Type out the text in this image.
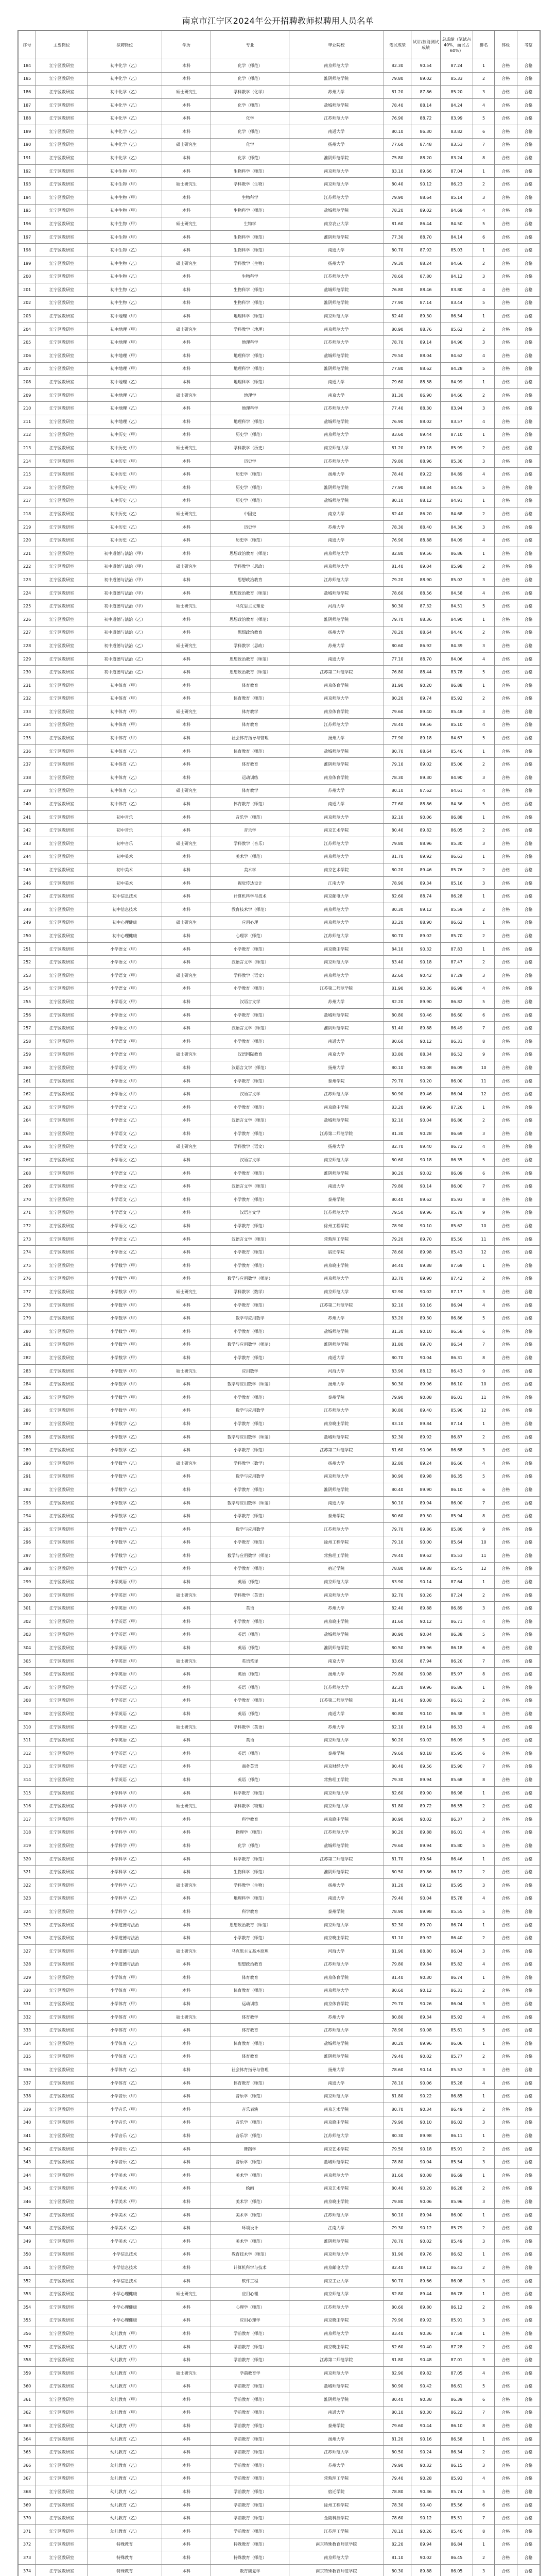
南京市江宁区2024年公开招聘教师拟聘用人员名单
序号	主要岗位	拟聘岗位	学历	专业	毕业院校	笔试成绩	试讲/技能测试成绩	总成绩（笔试占40%，面试占60%）	排名	体检	考察
184	江宁区教研室	初中化学（乙）	本科	化学（师范）	南京师范大学	82.30	90.54	87.24	1	合格	合格
185	江宁区教研室	初中化学（乙）	本科	化学（师范）	淮阴师范学院	79.80	89.02	85.33	2	合格	合格
186	江宁区教研室	初中化学（乙）	硕士研究生	学科教学（化学）	苏州大学	81.20	87.86	85.20	3	合格	合格
187	江宁区教研室	初中化学（乙）	本科	化学（师范）	盐城师范学院	78.40	88.14	84.24	4	合格	合格
188	江宁区教研室	初中化学（乙）	本科	化学	江苏师范大学	76.90	88.72	83.99	5	合格	合格
189	江宁区教研室	初中化学（乙）	本科	化学（师范）	南通大学	80.10	86.30	83.82	6	合格	合格
190	江宁区教研室	初中化学（乙）	硕士研究生	化学	扬州大学	77.60	87.48	83.53	7	合格	合格
191	江宁区教研室	初中化学（乙）	本科	化学（师范）	淮阴师范学院	75.80	88.20	83.24	8	合格	合格
192	江宁区教研室	初中生物（甲）	本科	生物科学（师范）	南京师范大学	83.10	89.66	87.04	1	合格	合格
193	江宁区教研室	初中生物（甲）	硕士研究生	学科教学（生物）	南京师范大学	80.40	90.12	86.23	2	合格	合格
194	江宁区教研室	初中生物（甲）	本科	生物科学	江苏师范大学	79.90	88.64	85.14	3	合格	合格
195	江宁区教研室	初中生物（甲）	本科	生物科学（师范）	盐城师范学院	78.20	89.02	84.69	4	合格	合格
196	江宁区教研室	初中生物（甲）	硕士研究生	生物学	南京农业大学	81.60	86.44	84.50	5	合格	合格
197	江宁区教研室	初中生物（甲）	本科	生物科学（师范）	淮阴师范学院	77.30	88.70	84.14	6	合格	合格
198	江宁区教研室	初中生物（乙）	本科	生物科学（师范）	南通大学	80.70	87.92	85.03	1	合格	合格
199	江宁区教研室	初中生物（乙）	硕士研究生	学科教学（生物）	扬州大学	79.30	88.24	84.66	2	合格	合格
200	江宁区教研室	初中生物（乙）	本科	生物科学	江苏师范大学	78.60	87.80	84.12	3	合格	合格
201	江宁区教研室	初中生物（乙）	本科	生物科学（师范）	盐城师范学院	76.80	88.46	83.80	4	合格	合格
202	江宁区教研室	初中生物（乙）	本科	生物科学（师范）	淮阴师范学院	77.90	87.14	83.44	5	合格	合格
203	江宁区教研室	初中地理（甲）	本科	地理科学（师范）	南京师范大学	82.40	89.30	86.54	1	合格	合格
204	江宁区教研室	初中地理（甲）	硕士研究生	学科教学（地理）	南京师范大学	80.90	88.76	85.62	2	合格	合格
205	江宁区教研室	初中地理（甲）	本科	地理科学	江苏师范大学	78.70	89.14	84.96	3	合格	合格
206	江宁区教研室	初中地理（甲）	本科	地理科学（师范）	盐城师范学院	79.50	88.04	84.62	4	合格	合格
207	江宁区教研室	初中地理（甲）	本科	地理科学（师范）	淮阴师范学院	77.80	88.62	84.28	5	合格	合格
208	江宁区教研室	初中地理（乙）	本科	地理科学（师范）	南通大学	79.60	88.58	84.99	1	合格	合格
209	江宁区教研室	初中地理（乙）	硕士研究生	地理学	南京大学	81.30	86.90	84.66	2	合格	合格
210	江宁区教研室	初中地理（乙）	本科	地理科学	江苏师范大学	77.40	88.30	83.94	3	合格	合格
211	江宁区教研室	初中地理（乙）	本科	地理科学（师范）	盐城师范学院	76.90	88.02	83.57	4	合格	合格
212	江宁区教研室	初中历史（甲）	本科	历史学（师范）	南京师范大学	83.60	89.44	87.10	1	合格	合格
213	江宁区教研室	初中历史（甲）	硕士研究生	学科教学（历史）	南京师范大学	81.20	89.18	85.99	2	合格	合格
214	江宁区教研室	初中历史（甲）	本科	历史学	江苏师范大学	79.80	88.96	85.30	3	合格	合格
215	江宁区教研室	初中历史（甲）	本科	历史学（师范）	扬州大学	78.40	89.22	84.89	4	合格	合格
216	江宁区教研室	初中历史（甲）	本科	历史学（师范）	淮阴师范学院	77.90	88.84	84.46	5	合格	合格
217	江宁区教研室	初中历史（乙）	本科	历史学（师范）	盐城师范学院	80.10	88.12	84.91	1	合格	合格
218	江宁区教研室	初中历史（乙）	硕士研究生	中国史	南京大学	82.40	86.20	84.68	2	合格	合格
219	江宁区教研室	初中历史（乙）	本科	历史学	苏州大学	78.30	88.40	84.36	3	合格	合格
220	江宁区教研室	初中历史（乙）	本科	历史学（师范）	南通大学	76.90	88.88	84.09	4	合格	合格
221	江宁区教研室	初中道德与法治（甲）	本科	思想政治教育（师范）	南京师范大学	82.80	89.56	86.86	1	合格	合格
222	江宁区教研室	初中道德与法治（甲）	硕士研究生	学科教学（思政）	南京师范大学	81.40	89.04	85.98	2	合格	合格
223	江宁区教研室	初中道德与法治（甲）	本科	思想政治教育	江苏师范大学	79.20	88.90	85.02	3	合格	合格
224	江宁区教研室	初中道德与法治（甲）	本科	思想政治教育（师范）	盐城师范学院	78.60	88.56	84.58	4	合格	合格
225	江宁区教研室	初中道德与法治（甲）	硕士研究生	马克思主义理论	河海大学	80.30	87.32	84.51	5	合格	合格
226	江宁区教研室	初中道德与法治（乙）	本科	思想政治教育（师范）	淮阴师范学院	79.70	88.36	84.90	1	合格	合格
227	江宁区教研室	初中道德与法治（乙）	本科	思想政治教育	扬州大学	78.20	88.64	84.46	2	合格	合格
228	江宁区教研室	初中道德与法治（乙）	硕士研究生	学科教学（思政）	苏州大学	80.60	86.92	84.39	3	合格	合格
229	江宁区教研室	初中道德与法治（乙）	本科	思想政治教育（师范）	南通大学	77.10	88.70	84.06	4	合格	合格
230	江宁区教研室	初中道德与法治（乙）	本科	思想政治教育（师范）	江苏第二师范学院	76.80	88.44	83.78	5	合格	合格
231	江宁区教研室	初中体育（甲）	本科	体育教育	南京体育学院	81.90	90.20	86.88	1	合格	合格
232	江宁区教研室	初中体育（甲）	本科	体育教育（师范）	南京师范大学	80.20	89.74	85.92	2	合格	合格
233	江宁区教研室	初中体育（甲）	硕士研究生	体育教学	南京体育学院	79.60	89.40	85.48	3	合格	合格
234	江宁区教研室	初中体育（甲）	本科	体育教育	江苏师范大学	78.40	89.56	85.10	4	合格	合格
235	江宁区教研室	初中体育（甲）	本科	社会体育指导与管理	扬州大学	77.90	89.18	84.67	5	合格	合格
236	江宁区教研室	初中体育（乙）	本科	体育教育（师范）	盐城师范学院	80.70	88.64	85.46	1	合格	合格
237	江宁区教研室	初中体育（乙）	本科	体育教育	淮阴师范学院	79.10	89.02	85.06	2	合格	合格
238	江宁区教研室	初中体育（乙）	本科	运动训练	南京体育学院	78.30	89.30	84.90	3	合格	合格
239	江宁区教研室	初中体育（乙）	硕士研究生	体育教学	苏州大学	80.10	87.62	84.61	4	合格	合格
240	江宁区教研室	初中体育（乙）	本科	体育教育（师范）	南通大学	77.60	88.86	84.36	5	合格	合格
241	江宁区教研室	初中音乐	本科	音乐学（师范）	南京师范大学	82.10	90.06	86.88	1	合格	合格
242	江宁区教研室	初中音乐	本科	音乐学	南京艺术学院	80.40	89.82	86.05	2	合格	合格
243	江宁区教研室	初中音乐	硕士研究生	学科教学（音乐）	江苏师范大学	79.80	88.96	85.30	3	合格	合格
244	江宁区教研室	初中美术	本科	美术学（师范）	南京师范大学	81.70	89.92	86.63	1	合格	合格
245	江宁区教研室	初中美术	本科	美术学	南京艺术学院	80.20	89.46	85.76	2	合格	合格
246	江宁区教研室	初中美术	本科	视觉传达设计	江南大学	78.90	89.34	85.16	3	合格	合格
247	江宁区教研室	初中信息技术	本科	计算机科学与技术	南京邮电大学	82.60	88.74	86.28	1	合格	合格
248	江宁区教研室	初中信息技术	本科	教育技术学（师范）	南京师范大学	80.30	89.12	85.59	2	合格	合格
249	江宁区教研室	初中心理健康	硕士研究生	应用心理	南京师范大学	83.20	88.90	86.62	1	合格	合格
250	江宁区教研室	初中心理健康	本科	心理学（师范）	江苏师范大学	80.70	89.02	85.70	2	合格	合格
251	江宁区教研室	小学语文（甲）	本科	小学教育（师范）	南京晓庄学院	84.10	90.32	87.83	1	合格	合格
252	江宁区教研室	小学语文（甲）	本科	汉语言文学（师范）	南京师范大学	83.40	90.18	87.47	2	合格	合格
253	江宁区教研室	小学语文（甲）	硕士研究生	学科教学（语文）	南京师范大学	82.60	90.42	87.29	3	合格	合格
254	江宁区教研室	小学语文（甲）	本科	小学教育（师范）	江苏第二师范学院	81.90	90.36	86.98	4	合格	合格
255	江宁区教研室	小学语文（甲）	本科	汉语言文学	苏州大学	82.20	89.90	86.82	5	合格	合格
256	江宁区教研室	小学语文（甲）	本科	小学教育（师范）	盐城师范学院	80.80	90.46	86.60	6	合格	合格
257	江宁区教研室	小学语文（甲）	本科	汉语言文学（师范）	淮阴师范学院	81.40	89.88	86.49	7	合格	合格
258	江宁区教研室	小学语文（甲）	本科	小学教育（师范）	南通大学	80.60	90.12	86.31	8	合格	合格
259	江宁区教研室	小学语文（甲）	硕士研究生	汉语国际教育	南京大学	83.80	88.34	86.52	9	合格	合格
260	江宁区教研室	小学语文（甲）	本科	汉语言文学（师范）	扬州大学	80.10	90.08	86.09	10	合格	合格
261	江宁区教研室	小学语文（甲）	本科	小学教育（师范）	泰州学院	79.70	90.20	86.00	11	合格	合格
262	江宁区教研室	小学语文（甲）	本科	汉语言文学	江苏师范大学	80.90	89.46	86.04	12	合格	合格
263	江宁区教研室	小学语文（乙）	本科	小学教育（师范）	南京晓庄学院	83.20	89.96	87.26	1	合格	合格
264	江宁区教研室	小学语文（乙）	本科	汉语言文学（师范）	盐城师范学院	82.10	90.04	86.86	2	合格	合格
265	江宁区教研室	小学语文（乙）	本科	小学教育（师范）	江苏第二师范学院	81.30	90.28	86.69	3	合格	合格
266	江宁区教研室	小学语文（乙）	硕士研究生	学科教学（语文）	扬州大学	82.70	89.40	86.72	4	合格	合格
267	江宁区教研室	小学语文（乙）	本科	汉语言文学	南京师范大学	80.60	90.18	86.35	5	合格	合格
268	江宁区教研室	小学语文（乙）	本科	小学教育（师范）	淮阴师范学院	80.20	90.02	86.09	6	合格	合格
269	江宁区教研室	小学语文（乙）	本科	汉语言文学（师范）	南通大学	79.80	90.14	86.00	7	合格	合格
270	江宁区教研室	小学语文（乙）	本科	小学教育（师范）	泰州学院	80.40	89.62	85.93	8	合格	合格
271	江宁区教研室	小学语文（乙）	本科	汉语言文学	江苏师范大学	79.50	89.96	85.78	9	合格	合格
272	江宁区教研室	小学语文（乙）	本科	小学教育（师范）	徐州工程学院	78.90	90.10	85.62	10	合格	合格
273	江宁区教研室	小学语文（乙）	本科	汉语言文学（师范）	常熟理工学院	79.20	89.70	85.50	11	合格	合格
274	江宁区教研室	小学语文（乙）	本科	小学教育（师范）	宿迁学院	78.60	89.98	85.43	12	合格	合格
275	江宁区教研室	小学数学（甲）	本科	小学教育（师范）	南京晓庄学院	84.40	89.88	87.69	1	合格	合格
276	江宁区教研室	小学数学（甲）	本科	数学与应用数学（师范）	南京师范大学	83.70	89.90	87.42	2	合格	合格
277	江宁区教研室	小学数学（甲）	硕士研究生	学科教学（数学）	南京师范大学	82.90	90.02	87.17	3	合格	合格
278	江宁区教研室	小学数学（甲）	本科	小学教育（师范）	江苏第二师范学院	82.10	90.16	86.94	4	合格	合格
279	江宁区教研室	小学数学（甲）	本科	数学与应用数学	苏州大学	83.20	89.30	86.86	5	合格	合格
280	江宁区教研室	小学数学（甲）	本科	小学教育（师范）	盐城师范学院	81.30	90.10	86.58	6	合格	合格
281	江宁区教研室	小学数学（甲）	本科	数学与应用数学（师范）	淮阴师范学院	81.80	89.70	86.54	7	合格	合格
282	江宁区教研室	小学数学（甲）	本科	小学教育（师范）	南通大学	80.70	90.04	86.31	8	合格	合格
283	江宁区教研室	小学数学（甲）	硕士研究生	应用数学	河海大学	83.90	88.12	86.43	9	合格	合格
284	江宁区教研室	小学数学（甲）	本科	数学与应用数学（师范）	扬州大学	80.30	89.96	86.10	10	合格	合格
285	江宁区教研室	小学数学（甲）	本科	小学教育（师范）	泰州学院	79.90	90.08	86.01	11	合格	合格
286	江宁区教研室	小学数学（甲）	本科	数学与应用数学	江苏师范大学	80.80	89.40	85.96	12	合格	合格
287	江宁区教研室	小学数学（乙）	本科	小学教育（师范）	南京晓庄学院	83.10	89.84	87.14	1	合格	合格
288	江宁区教研室	小学数学（乙）	本科	数学与应用数学（师范）	盐城师范学院	82.30	89.92	86.87	2	合格	合格
289	江宁区教研室	小学数学（乙）	本科	小学教育（师范）	江苏第二师范学院	81.60	90.06	86.68	3	合格	合格
290	江宁区教研室	小学数学（乙）	硕士研究生	学科教学（数学）	扬州大学	82.80	89.24	86.66	4	合格	合格
291	江宁区教研室	小学数学（乙）	本科	数学与应用数学	南京师范大学	80.90	89.98	86.35	5	合格	合格
292	江宁区教研室	小学数学（乙）	本科	小学教育（师范）	淮阴师范学院	80.40	89.90	86.10	6	合格	合格
293	江宁区教研室	小学数学（乙）	本科	数学与应用数学（师范）	南通大学	80.10	89.94	86.00	7	合格	合格
294	江宁区教研室	小学数学（乙）	本科	小学教育（师范）	泰州学院	80.60	89.50	85.94	8	合格	合格
295	江宁区教研室	小学数学（乙）	本科	数学与应用数学	江苏师范大学	79.70	89.86	85.80	9	合格	合格
296	江宁区教研室	小学数学（乙）	本科	小学教育（师范）	徐州工程学院	79.10	90.00	85.64	10	合格	合格
297	江宁区教研室	小学数学（乙）	本科	数学与应用数学（师范）	常熟理工学院	79.40	89.62	85.53	11	合格	合格
298	江宁区教研室	小学数学（乙）	本科	小学教育（师范）	宿迁学院	78.80	89.88	85.45	12	合格	合格
299	江宁区教研室	小学英语（甲）	本科	英语（师范）	南京师范大学	83.90	90.14	87.64	1	合格	合格
300	江宁区教研室	小学英语（甲）	硕士研究生	学科教学（英语）	南京师范大学	82.70	90.26	87.24	2	合格	合格
301	江宁区教研室	小学英语（甲）	本科	英语	苏州大学	82.40	89.88	86.89	3	合格	合格
302	江宁区教研室	小学英语（甲）	本科	小学教育（师范）	南京晓庄学院	81.60	90.12	86.71	4	合格	合格
303	江宁区教研室	小学英语（甲）	本科	英语（师范）	盐城师范学院	80.90	90.04	86.38	5	合格	合格
304	江宁区教研室	小学英语（甲）	本科	英语（师范）	淮阴师范学院	80.50	89.96	86.18	6	合格	合格
305	江宁区教研室	小学英语（甲）	硕士研究生	英语笔译	南京大学	83.60	87.94	86.20	7	合格	合格
306	江宁区教研室	小学英语（甲）	本科	英语（师范）	扬州大学	79.80	90.08	85.97	8	合格	合格
307	江宁区教研室	小学英语（乙）	本科	英语（师范）	江苏师范大学	82.20	89.96	86.86	1	合格	合格
308	江宁区教研室	小学英语（乙）	本科	小学教育（师范）	江苏第二师范学院	81.40	90.08	86.61	2	合格	合格
309	江宁区教研室	小学英语（乙）	本科	英语（师范）	南通大学	80.80	90.10	86.38	3	合格	合格
310	江宁区教研室	小学英语（乙）	硕士研究生	学科教学（英语）	苏州大学	82.10	89.14	86.33	4	合格	合格
311	江宁区教研室	小学英语（乙）	本科	英语	南京师范大学	80.20	90.02	86.09	5	合格	合格
312	江宁区教研室	小学英语（乙）	本科	英语（师范）	泰州学院	79.60	90.18	85.95	6	合格	合格
313	江宁区教研室	小学英语（乙）	本科	商务英语	南京财经大学	80.40	89.56	85.90	7	合格	合格
314	江宁区教研室	小学英语（乙）	本科	英语（师范）	常熟理工学院	79.30	89.94	85.68	8	合格	合格
315	江宁区教研室	小学科学（甲）	本科	科学教育（师范）	南京师范大学	82.60	89.90	86.98	1	合格	合格
316	江宁区教研室	小学科学（甲）	硕士研究生	学科教学（物理）	南京师范大学	81.80	89.72	86.55	2	合格	合格
317	江宁区教研室	小学科学（甲）	本科	科学教育	南京晓庄学院	80.90	90.02	86.37	3	合格	合格
318	江宁区教研室	小学科学（甲）	本科	物理学（师范）	江苏师范大学	80.20	89.88	86.01	4	合格	合格
319	江宁区教研室	小学科学（甲）	本科	化学（师范）	盐城师范学院	79.60	89.94	85.80	5	合格	合格
320	江宁区教研室	小学科学（乙）	本科	科学教育（师范）	江苏第二师范学院	81.70	89.64	86.46	1	合格	合格
321	江宁区教研室	小学科学（乙）	本科	生物科学（师范）	淮阴师范学院	80.50	89.86	86.12	2	合格	合格
322	江宁区教研室	小学科学（乙）	硕士研究生	学科教学（生物）	扬州大学	81.20	89.12	85.95	3	合格	合格
323	江宁区教研室	小学科学（乙）	本科	地理科学（师范）	南通大学	79.40	90.04	85.78	4	合格	合格
324	江宁区教研室	小学科学（乙）	本科	科学教育	泰州学院	78.90	89.98	85.55	5	合格	合格
325	江宁区教研室	小学道德与法治	本科	思想政治教育（师范）	南京师范大学	82.30	89.70	86.74	1	合格	合格
326	江宁区教研室	小学道德与法治	本科	小学教育（师范）	南京晓庄学院	81.10	89.92	86.40	2	合格	合格
327	江宁区教研室	小学道德与法治	硕士研究生	马克思主义基本原理	河海大学	81.90	88.80	86.04	3	合格	合格
328	江宁区教研室	小学道德与法治	本科	思想政治教育	江苏师范大学	79.80	89.84	85.82	4	合格	合格
329	江宁区教研室	小学体育（甲）	本科	体育教育	南京体育学院	81.40	90.30	86.74	1	合格	合格
330	江宁区教研室	小学体育（甲）	本科	体育教育（师范）	南京师范大学	80.60	90.12	86.31	2	合格	合格
331	江宁区教研室	小学体育（甲）	本科	运动训练	南京体育学院	79.70	90.26	86.04	3	合格	合格
332	江宁区教研室	小学体育（甲）	硕士研究生	体育教学	苏州大学	80.80	89.34	85.92	4	合格	合格
333	江宁区教研室	小学体育（甲）	本科	体育教育	江苏师范大学	78.90	90.08	85.61	5	合格	合格
334	江宁区教研室	小学体育（乙）	本科	体育教育（师范）	盐城师范学院	80.20	89.96	86.06	1	合格	合格
335	江宁区教研室	小学体育（乙）	本科	体育教育	淮阴师范学院	79.40	90.02	85.77	2	合格	合格
336	江宁区教研室	小学体育（乙）	本科	社会体育指导与管理	扬州大学	78.60	90.14	85.52	3	合格	合格
337	江宁区教研室	小学体育（乙）	本科	体育教育（师范）	南通大学	78.10	90.06	85.28	4	合格	合格
338	江宁区教研室	小学音乐（甲）	本科	音乐学（师范）	南京师范大学	81.80	90.22	86.85	1	合格	合格
339	江宁区教研室	小学音乐（甲）	本科	音乐表演	南京艺术学院	80.70	90.34	86.49	2	合格	合格
340	江宁区教研室	小学音乐（甲）	本科	音乐学（师范）	南京晓庄学院	79.90	90.10	86.02	3	合格	合格
341	江宁区教研室	小学音乐（乙）	本科	音乐学（师范）	江苏师范大学	80.30	89.98	86.11	1	合格	合格
342	江宁区教研室	小学音乐（乙）	本科	舞蹈学	南京艺术学院	79.50	90.18	85.91	2	合格	合格
343	江宁区教研室	小学音乐（乙）	本科	音乐学（师范）	盐城师范学院	78.80	90.04	85.54	3	合格	合格
344	江宁区教研室	小学美术（甲）	本科	美术学（师范）	南京师范大学	81.60	90.08	86.69	1	合格	合格
345	江宁区教研室	小学美术（甲）	本科	绘画	南京艺术学院	80.40	90.20	86.28	2	合格	合格
346	江宁区教研室	小学美术（甲）	本科	美术学（师范）	南京晓庄学院	79.80	90.06	85.96	3	合格	合格
347	江宁区教研室	小学美术（乙）	本科	美术学（师范）	江苏师范大学	80.10	89.94	86.00	1	合格	合格
348	江宁区教研室	小学美术（乙）	本科	环境设计	江南大学	79.30	90.12	85.79	2	合格	合格
349	江宁区教研室	小学美术（乙）	本科	美术学（师范）	淮阴师范学院	78.70	90.02	85.49	3	合格	合格
350	江宁区教研室	小学信息技术	本科	教育技术学（师范）	南京师范大学	81.90	89.76	86.62	1	合格	合格
351	江宁区教研室	小学信息技术	本科	计算机科学与技术	南京邮电大学	82.40	89.12	86.43	2	合格	合格
352	江宁区教研室	小学信息技术	本科	软件工程	南京工业大学	80.70	89.66	86.08	3	合格	合格
353	江宁区教研室	小学心理健康	硕士研究生	应用心理	南京师范大学	82.80	89.44	86.78	1	合格	合格
354	江宁区教研室	小学心理健康	本科	心理学（师范）	江苏师范大学	80.60	89.80	86.12	2	合格	合格
355	江宁区教研室	小学心理健康	本科	应用心理学	南京晓庄学院	79.90	89.92	85.91	3	合格	合格
356	江宁区教研室	幼儿教育（甲）	本科	学前教育（师范）	南京师范大学	83.40	90.36	87.58	1	合格	合格
357	江宁区教研室	幼儿教育（甲）	本科	学前教育（师范）	南京晓庄学院	82.60	90.40	87.28	2	合格	合格
358	江宁区教研室	幼儿教育（甲）	本科	学前教育（师范）	江苏第二师范学院	81.80	90.48	87.01	3	合格	合格
359	江宁区教研室	幼儿教育（甲）	硕士研究生	学前教育学	南京师范大学	82.90	89.82	87.05	4	合格	合格
360	江宁区教研室	幼儿教育（甲）	本科	学前教育（师范）	盐城师范学院	80.90	90.42	86.61	5	合格	合格
361	江宁区教研室	幼儿教育（甲）	本科	学前教育（师范）	淮阴师范学院	80.40	90.38	86.39	6	合格	合格
362	江宁区教研室	幼儿教育（甲）	本科	学前教育（师范）	南通大学	80.10	90.30	86.22	7	合格	合格
363	江宁区教研室	幼儿教育（甲）	本科	学前教育（师范）	泰州学院	79.60	90.44	86.10	8	合格	合格
364	江宁区教研室	幼儿教育（乙）	本科	学前教育（师范）	扬州大学	81.20	90.16	86.58	1	合格	合格
365	江宁区教研室	幼儿教育（乙）	本科	学前教育（师范）	江苏师范大学	80.50	90.24	86.34	2	合格	合格
366	江宁区教研室	幼儿教育（乙）	本科	学前教育（师范）	苏州大学	79.90	90.32	86.15	3	合格	合格
367	江宁区教研室	幼儿教育（乙）	本科	学前教育（师范）	常熟理工学院	79.40	90.28	85.93	4	合格	合格
368	江宁区教研室	幼儿教育（乙）	本科	学前教育（师范）	宿迁学院	78.80	90.36	85.74	5	合格	合格
369	江宁区教研室	幼儿教育（乙）	本科	学前教育（师范）	徐州工程学院	78.30	90.40	85.56	6	合格	合格
370	江宁区教研室	幼儿教育（乙）	本科	学前教育（师范）	金陵科技学院	78.60	90.12	85.51	7	合格	合格
371	江宁区教研室	幼儿教育（乙）	本科	学前教育（师范）	江苏理工学院	78.10	90.26	85.40	8	合格	合格
372	江宁区教研室	特殊教育	本科	特殊教育（师范）	南京特殊教育师范学院	82.20	89.94	86.84	1	合格	合格
373	江宁区教研室	特殊教育	本科	特殊教育（师范）	南京师范大学	81.10	90.02	86.45	2	合格	合格
374	江宁区教研室	特殊教育	本科	教育康复学	南京特殊教育师范学院	80.30	89.88	86.05	3	合格	合格
